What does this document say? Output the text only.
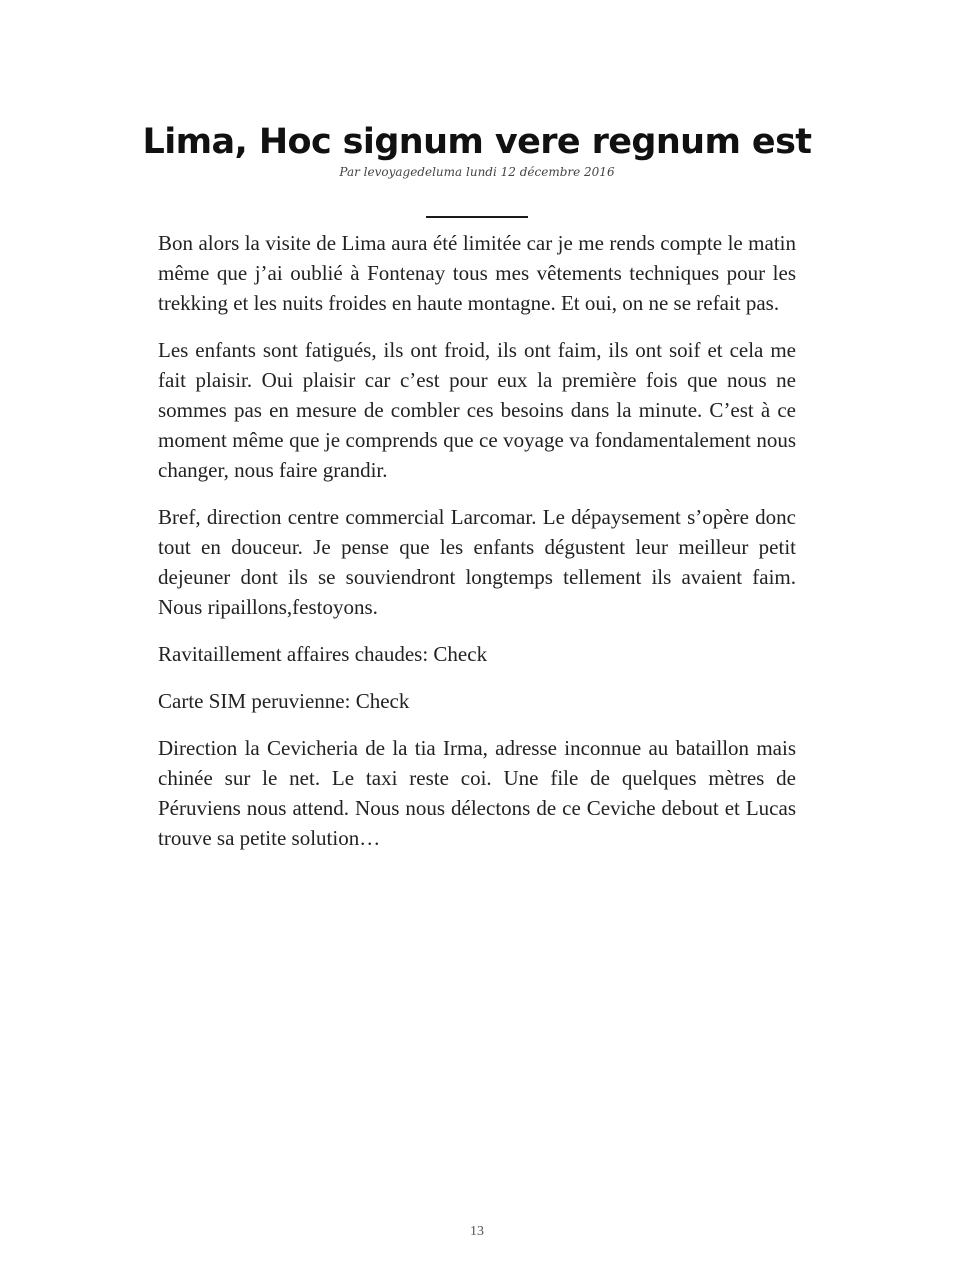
Lima, Hoc signum vere regnum est
Par levoyagedeluma lundi 12 décembre 2016

Bon alors la visite de Lima aura été limitée car je me rends compte le matin même que j’ai oublié à Fontenay tous mes vêtements techniques pour les trekking et les nuits froides en haute montagne. Et oui, on ne se refait pas.

Les enfants sont fatigués, ils ont froid, ils ont faim, ils ont soif et cela me fait plaisir. Oui plaisir car c’est pour eux la première fois que nous ne sommes pas en mesure de combler ces besoins dans la minute. C’est à ce moment même que je comprends que ce voyage va fondamentalement nous changer, nous faire grandir.

Bref, direction centre commercial Larcomar. Le dépaysement s’opère donc tout en douceur. Je pense que les enfants dégustent leur meilleur petit dejeuner dont ils se souviendront longtemps tellement ils avaient faim. Nous ripaillons,festoyons.

Ravitaillement affaires chaudes: Check

Carte SIM peruvienne: Check

Direction la Cevicheria de la tia Irma, adresse inconnue au bataillon mais chinée sur le net. Le taxi reste coi. Une file de quelques mètres de Péruviens nous attend. Nous nous délectons de ce Ceviche debout et Lucas trouve sa petite solution…

13
